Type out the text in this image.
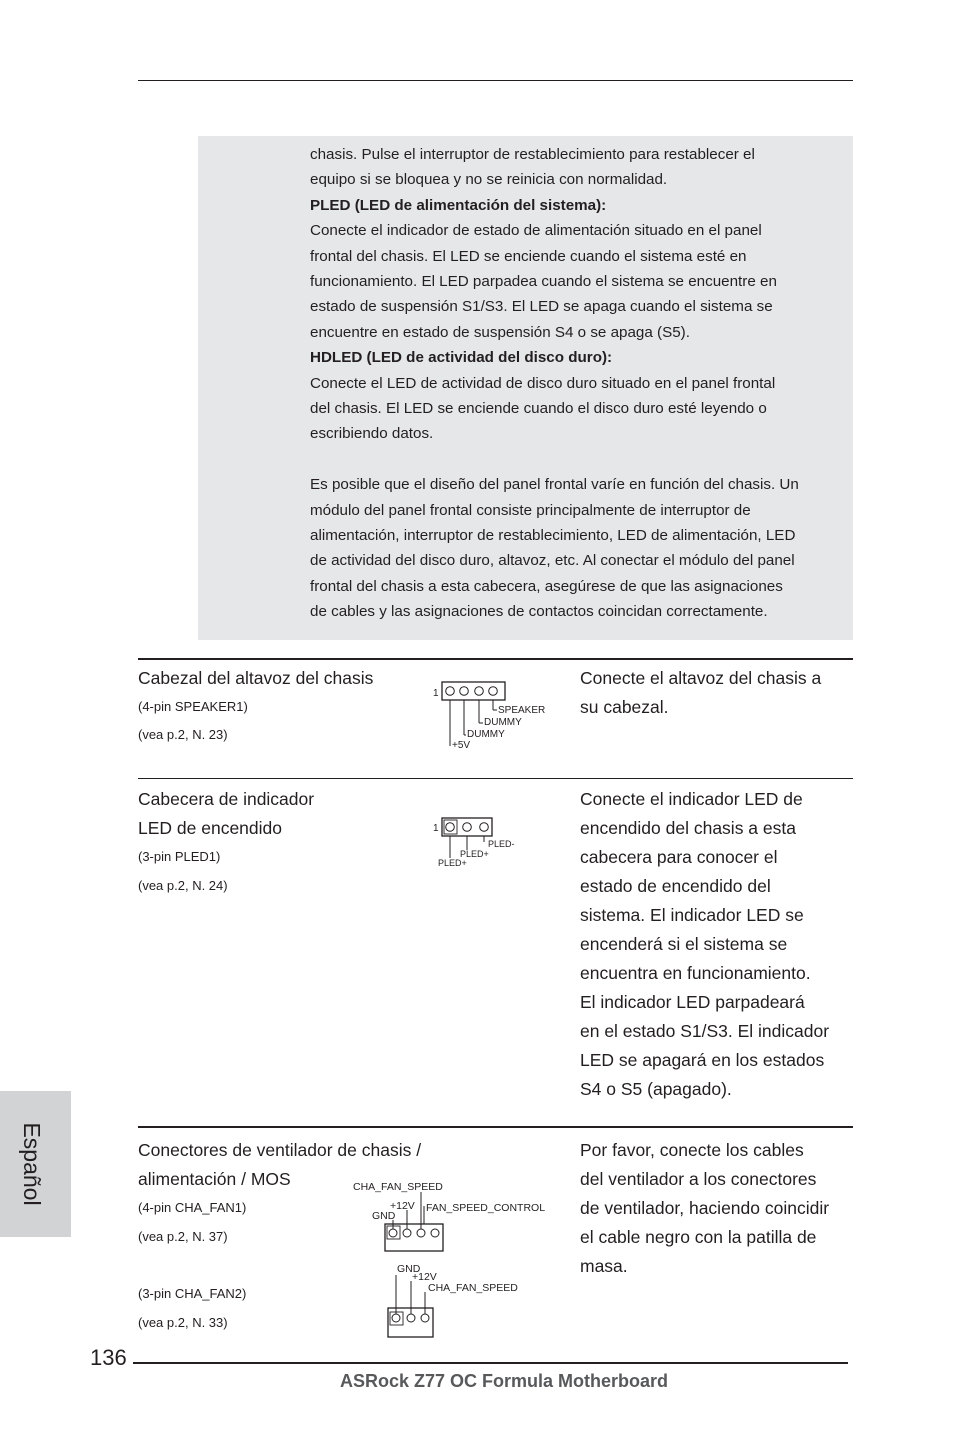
chasis. Pulse el interruptor de restablecimiento para restablecer el

equipo si se bloquea y no se reinicia con normalidad.

PLED (LED de alimentación del sistema):

Conecte el indicador de estado de alimentación situado en el panel

frontal del chasis. El LED se enciende cuando el sistema esté en

funcionamiento. El LED parpadea cuando el sistema se encuentre en

estado de suspensión S1/S3. El LED se apaga cuando el sistema se

encuentre en estado de suspensión S4 o se apaga (S5).

HDLED (LED de actividad del disco duro):

Conecte el LED de actividad de disco duro situado en el panel frontal

del chasis. El LED se enciende cuando el disco duro esté leyendo o

escribiendo datos.

Es posible que el diseño del panel frontal varíe en función del chasis. Un

módulo del panel frontal consiste principalmente de interruptor de

alimentación, interruptor de restablecimiento, LED de alimentación, LED

de actividad del disco duro, altavoz, etc. Al conectar el módulo del panel

frontal del chasis a esta cabecera, asegúrese de que las asignaciones

de cables y las asignaciones de contactos coincidan correctamente.

Cabezal del altavoz del chasis
(4-pin SPEAKER1)
(vea p.2, N. 23)

Conecte el altavoz del chasis a

su cabezal.

1
SPEAKER
DUMMY
DUMMY
+5V
Cabecera de indicador
LED de encendido
(3-pin PLED1)
(vea p.2, N. 24)

Conecte el indicador LED de

encendido del chasis a esta

cabecera para conocer el

estado de encendido del

sistema. El indicador LED se

encenderá si el sistema se

encuentra en funcionamiento.

El indicador LED parpadeará

en el estado S1/S3. El indicador

LED se apagará en los estados

S4 o S5 (apagado).

1
PLED-
PLED+
PLED+
Conectores de ventilador de chasis /
alimentación / MOS
(4-pin CHA_FAN1)
(vea p.2, N. 37)
(3-pin CHA_FAN2)
(vea p.2, N. 33)

Por favor, conecte los cables

del ventilador a los conectores

de ventilador, haciendo coincidir

el cable negro con la patilla de

masa.

CHA_FAN_SPEED
+12V
GND
FAN_SPEED_CONTROL
GND
+12V
CHA_FAN_SPEED
Español
136
ASRock Z77 OC Formula Motherboard
